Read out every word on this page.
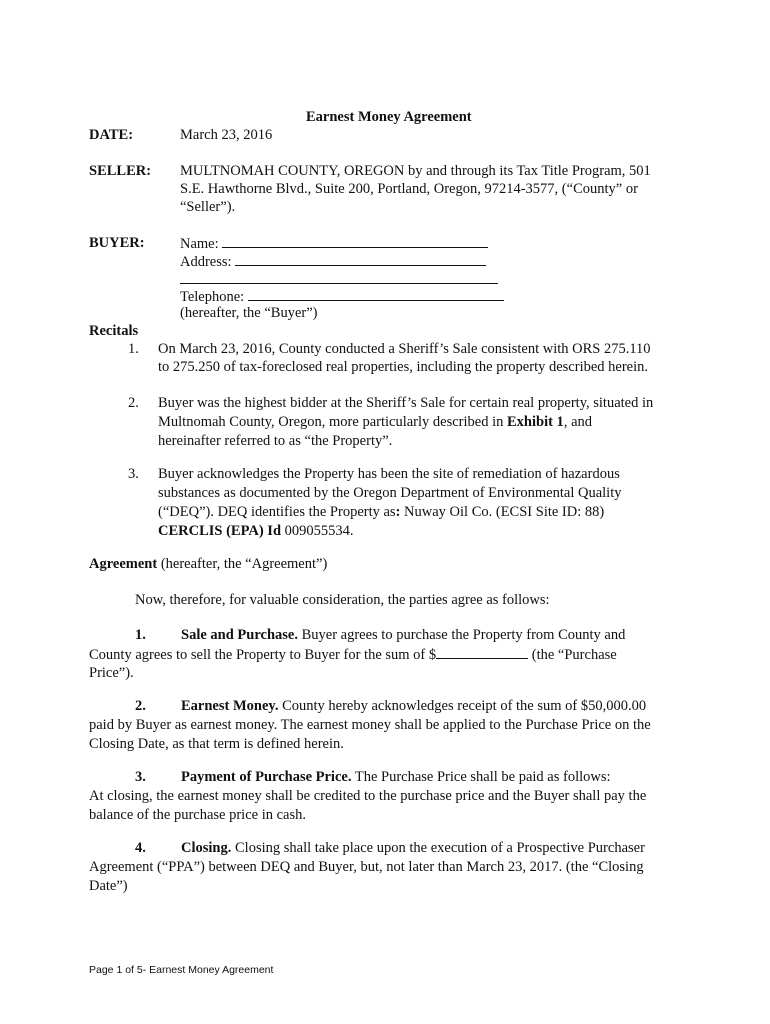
Earnest Money Agreement
DATE:	March 23, 2016
SELLER: MULTNOMAH COUNTY, OREGON by and through its Tax Title Program, 501
S.E. Hawthorne Blvd., Suite 200, Portland, Oregon, 97214-3577, (“County” or
“Seller”).
BUYER: Name:
Address:
Telephone:
(hereafter, the “Buyer”)
Recitals
1.	On March 23, 2016, County conducted a Sheriff’s Sale consistent with ORS 275.110
to 275.250 of tax-foreclosed real properties, including the property described herein.
2.	Buyer was the highest bidder at the Sheriff’s Sale for certain real property, situated in
Multnomah County, Oregon, more particularly described in Exhibit 1, and
hereinafter referred to as “the Property”.
3.	Buyer acknowledges the Property has been the site of remediation of hazardous
substances as documented by the Oregon Department of Environmental Quality
(“DEQ”). DEQ identifies the Property as: Nuway Oil Co. (ECSI Site ID: 88)
CERCLIS (EPA) Id 009055534.
Agreement (hereafter, the “Agreement”)
Now, therefore, for valuable consideration, the parties agree as follows:
1. Sale and Purchase. Buyer agrees to purchase the Property from County and
County agrees to sell the Property to Buyer for the sum of $	(the “Purchase
Price”).
2. Earnest Money. County hereby acknowledges receipt of the sum of $50,000.00
paid by Buyer as earnest money. The earnest money shall be applied to the Purchase Price on the
Closing Date, as that term is defined herein.
3. Payment of Purchase Price. The Purchase Price shall be paid as follows:
At closing, the earnest money shall be credited to the purchase price and the Buyer shall pay the
balance of the purchase price in cash.
4. Closing. Closing shall take place upon the execution of a Prospective Purchaser
Agreement (“PPA”) between DEQ and Buyer, but, not later than March 23, 2017. (the “Closing
Date”)
Page 1 of 5- Earnest Money Agreement
